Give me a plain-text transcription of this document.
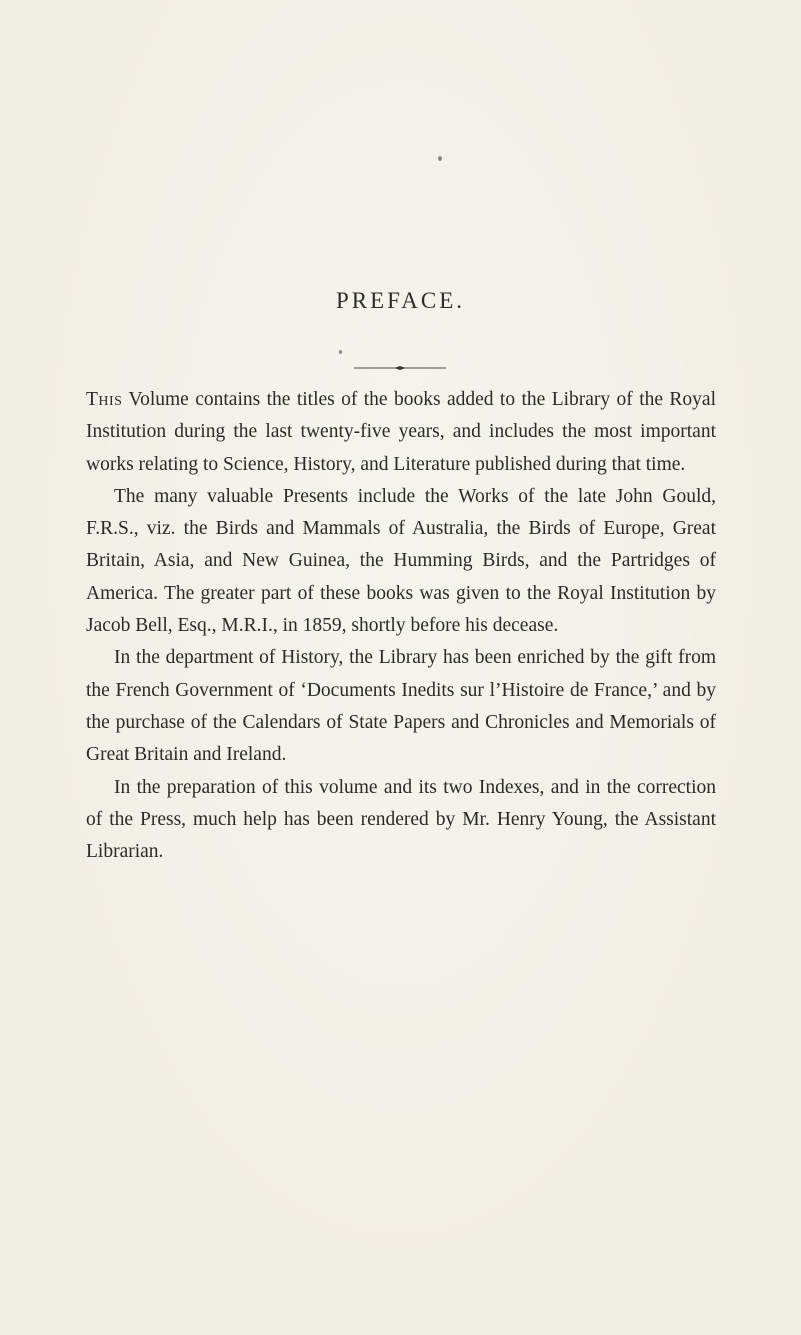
PREFACE.

This Volume contains the titles of the books added to the Library of the Royal Institution during the last twenty-five years, and includes the most important works relating to Science, History, and Literature published during that time.

The many valuable Presents include the Works of the late John Gould, F.R.S., viz. the Birds and Mammals of Australia, the Birds of Europe, Great Britain, Asia, and New Guinea, the Humming Birds, and the Partridges of America. The greater part of these books was given to the Royal Institution by Jacob Bell, Esq., M.R.I., in 1859, shortly before his decease.

In the department of History, the Library has been enriched by the gift from the French Government of ‘Documents Inedits sur l’Histoire de France,’ and by the purchase of the Calendars of State Papers and Chronicles and Memorials of Great Britain and Ireland.

In the preparation of this volume and its two Indexes, and in the correction of the Press, much help has been rendered by Mr. Henry Young, the Assistant Librarian.
